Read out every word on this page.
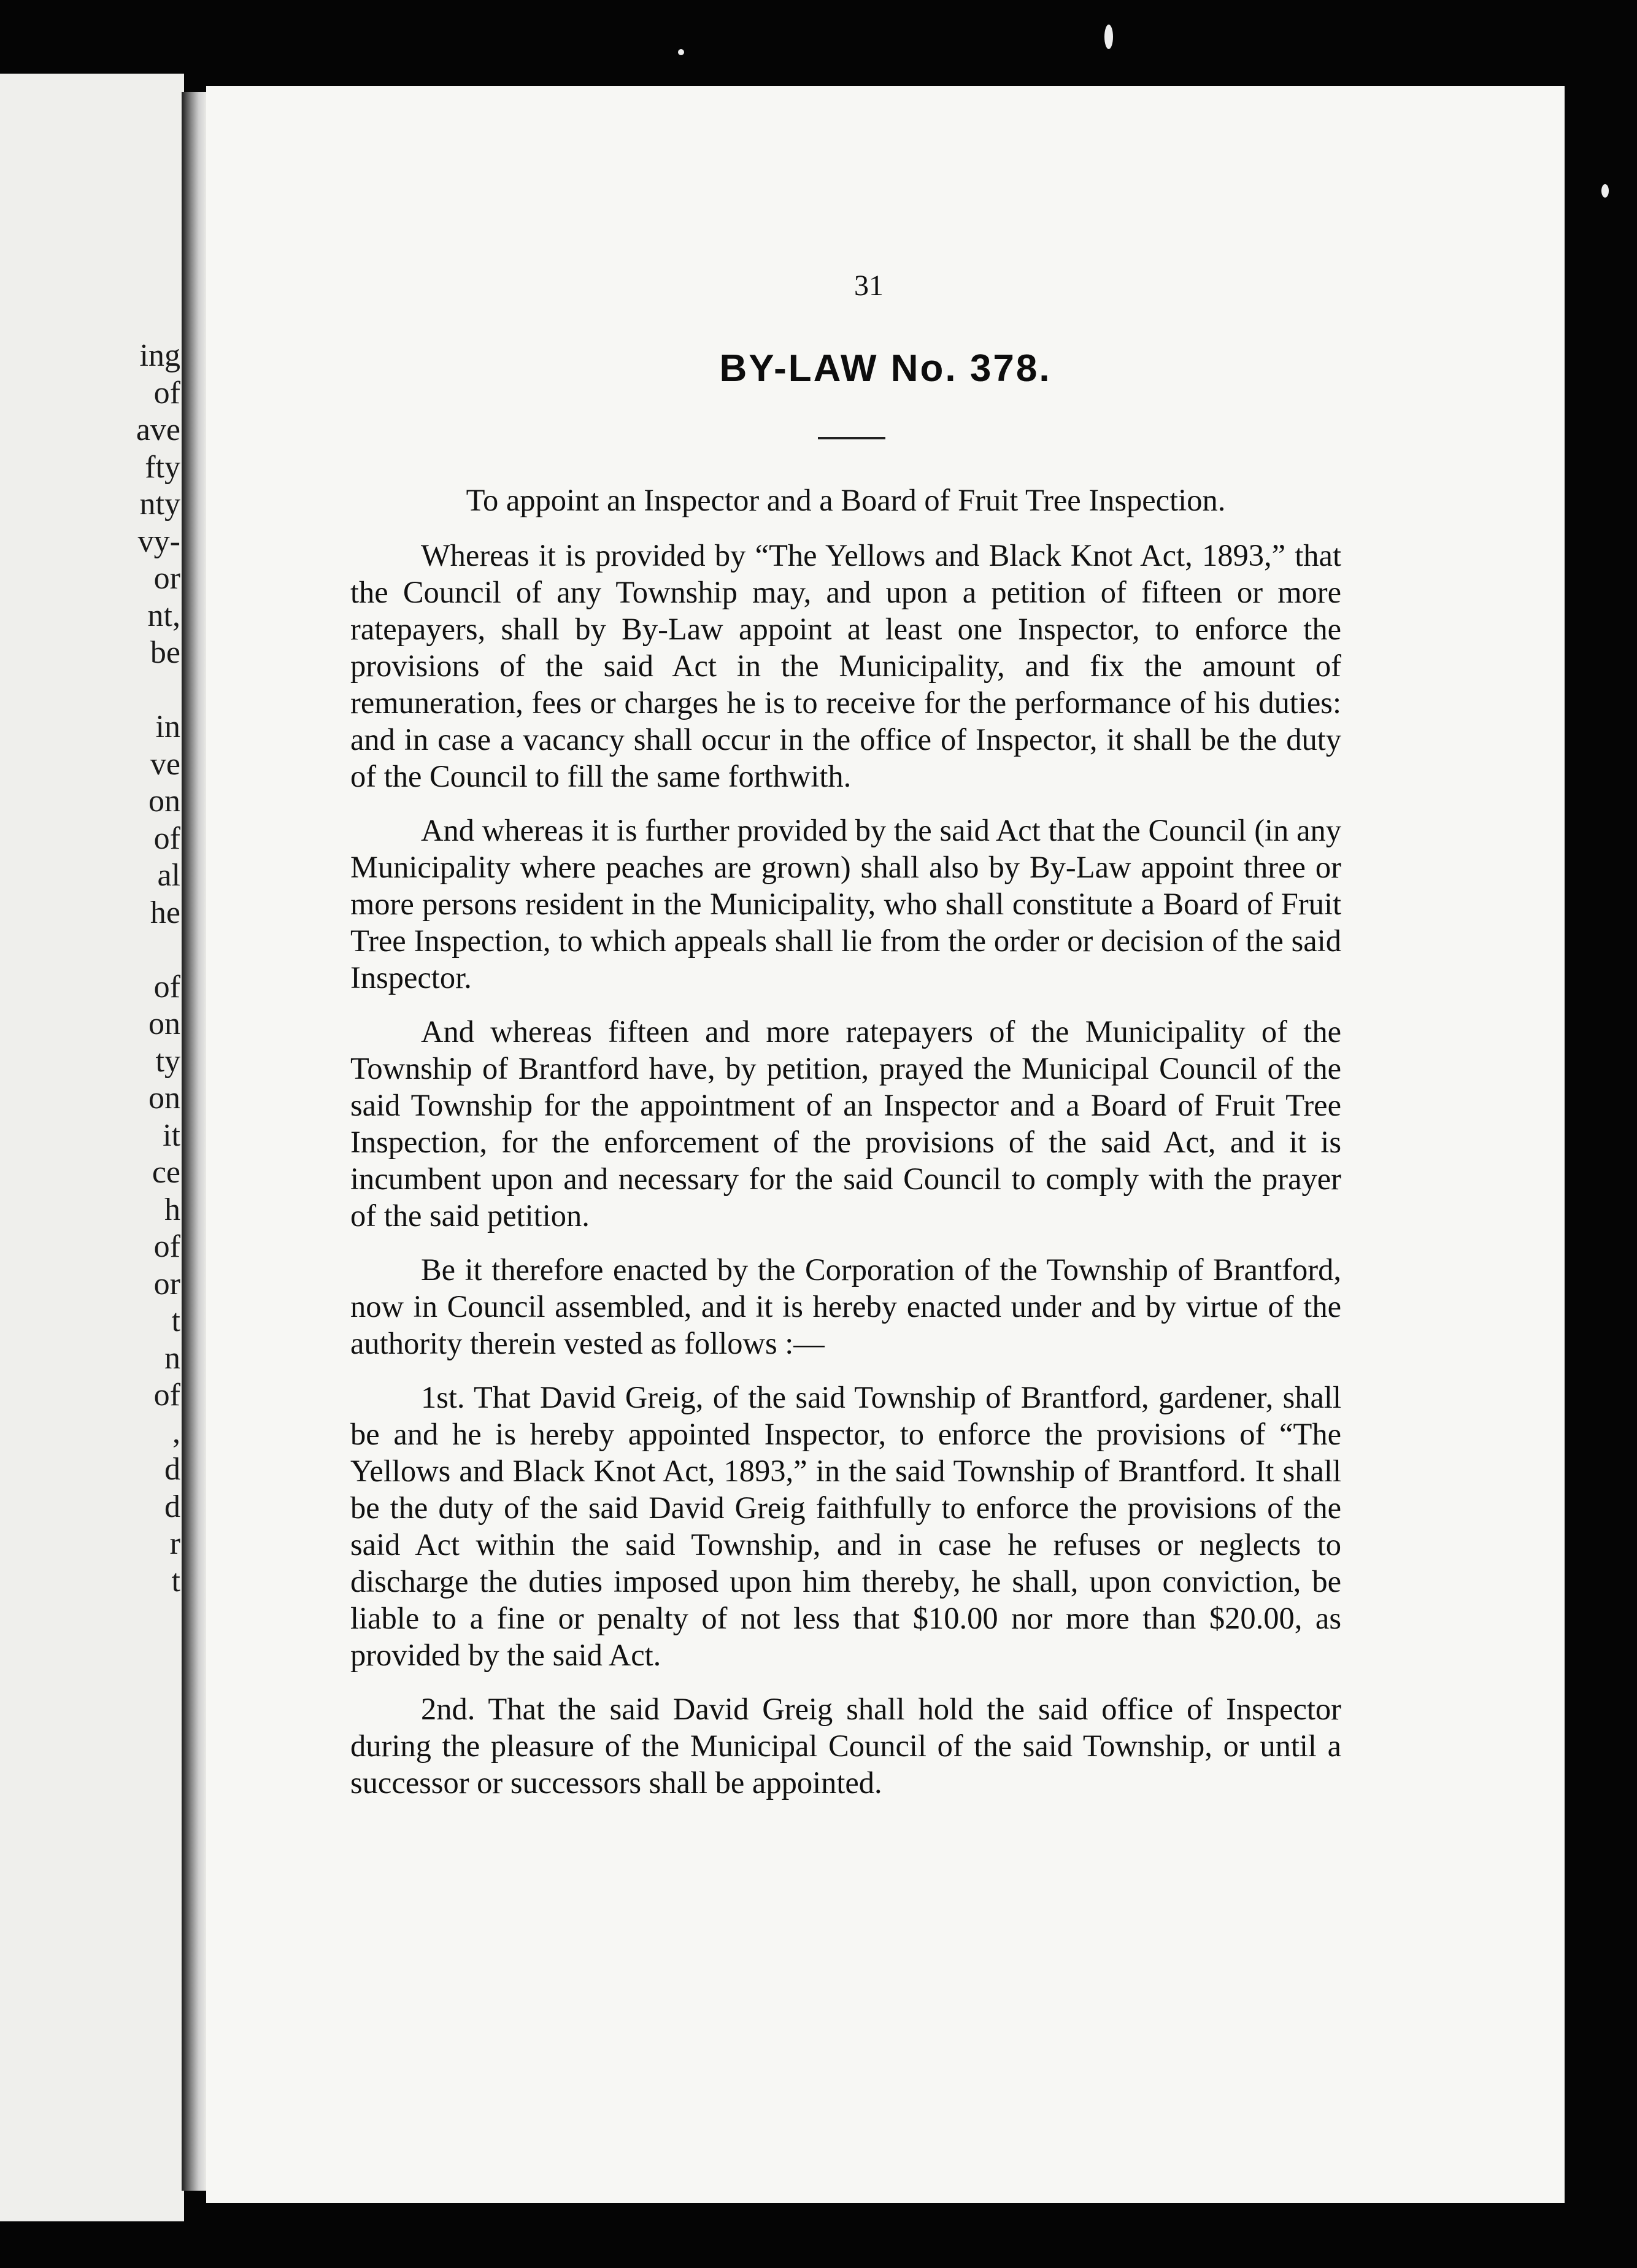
ing
of
ave
fty
nty
vy-
or
nt,
be

in
ve
on
of
al
he

of
on
ty
on
it
ce
h
of
or
t
n
of
,
d
d
r
t

31
BY-LAW No. 378.

To appoint an Inspector and a Board of Fruit Tree Inspection.

Whereas it is provided by “The Yellows and Black Knot Act, 1893,” that the Council of any Township may, and upon a petition of fifteen or more ratepayers, shall by By-Law appoint at least one Inspector, to enforce the provisions of the said Act in the Municipality, and fix the amount of remuneration, fees or charges he is to receive for the performance of his duties: and in case a vacancy shall occur in the office of Inspector, it shall be the duty of the Council to fill the same forthwith.

And whereas it is further provided by the said Act that the Council (in any Municipality where peaches are grown) shall also by By-Law appoint three or more persons resident in the Municipality, who shall constitute a Board of Fruit Tree Inspection, to which appeals shall lie from the order or decision of the said Inspector.

And whereas fifteen and more ratepayers of the Municipality of the Township of Brantford have, by petition, prayed the Municipal Council of the said Township for the appointment of an Inspector and a Board of Fruit Tree Inspection, for the enforcement of the provisions of the said Act, and it is incumbent upon and necessary for the said Council to comply with the prayer of the said petition.

Be it therefore enacted by the Corporation of the Township of Brantford, now in Council assembled, and it is hereby enacted under and by virtue of the authority therein vested as follows :—

1st. That David Greig, of the said Township of Brantford, gardener, shall be and he is hereby appointed Inspector, to enforce the provisions of “The Yellows and Black Knot Act, 1893,” in the said Township of Brantford. It shall be the duty of the said David Greig faithfully to enforce the provisions of the said Act within the said Township, and in case he refuses or neglects to discharge the duties imposed upon him thereby, he shall, upon conviction, be liable to a fine or penalty of not less that $10.00 nor more than $20.00, as provided by the said Act.

2nd. That the said David Greig shall hold the said office of Inspector during the pleasure of the Municipal Council of the said Township, or until a successor or successors shall be appointed.
